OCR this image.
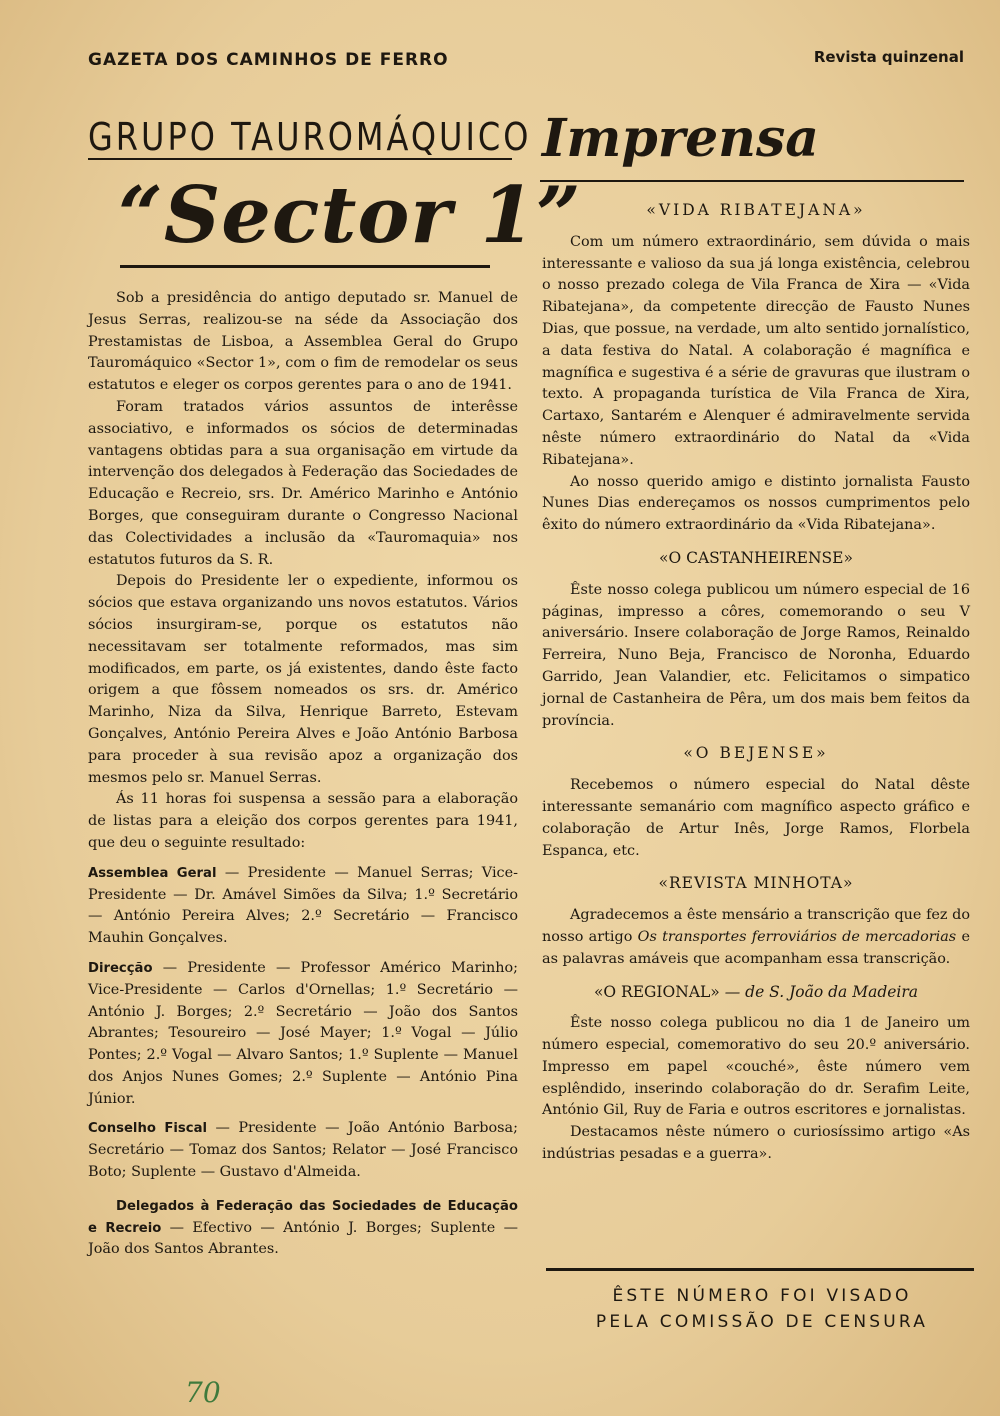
GAZETA DOS CAMINHOS DE FERRO	Revista quinzenal
GRUPO TAUROMÁQUICO
“Sector 1”
Imprensa

Sob a presidência do antigo deputado sr. Manuel de Jesus Serras, realizou-se na séde da Associação dos Prestamistas de Lisboa, a Assemblea Geral do Grupo Tauromáquico «Sector 1», com o fim de remodelar os seus estatutos e eleger os corpos gerentes para o ano de 1941.

Foram tratados vários assuntos de interêsse associativo, e informados os sócios de determinadas vantagens obtidas para a sua organisação em virtude da intervenção dos delegados à Federação das Sociedades de Educação e Recreio, srs. Dr. Américo Marinho e António Borges, que conseguiram durante o Congresso Nacional das Colectividades a inclusão da «Tauromaquia» nos estatutos futuros da S. R.

Depois do Presidente ler o expediente, informou os sócios que estava organizando uns novos estatutos. Vários sócios insurgiram-se, porque os estatutos não necessitavam ser totalmente reformados, mas sim modificados, em parte, os já existentes, dando êste facto origem a que fôssem nomeados os srs. dr. Américo Marinho, Niza da Silva, Henrique Barreto, Estevam Gonçalves, António Pereira Alves e João António Barbosa para proceder à sua revisão apoz a organização dos mesmos pelo sr. Manuel Serras.

Ás 11 horas foi suspensa a sessão para a elaboração de listas para a eleição dos corpos gerentes para 1941, que deu o seguinte resultado:

Assemblea Geral — Presidente — Manuel Serras; Vice-Presidente — Dr. Amável Simões da Silva; 1.º Secretário — António Pereira Alves; 2.º Secretário — Francisco Mauhin Gonçalves.

Direcção — Presidente — Professor Américo Marinho; Vice-Presidente — Carlos d'Ornellas; 1.º Secretário — António J. Borges; 2.º Secretário — João dos Santos Abrantes; Tesoureiro — José Mayer; 1.º Vogal — Júlio Pontes; 2.º Vogal — Alvaro Santos; 1.º Suplente — Manuel dos Anjos Nunes Gomes; 2.º Suplente — António Pina Júnior.

Conselho Fiscal — Presidente — João António Barbosa; Secretário — Tomaz dos Santos; Relator — José Francisco Boto; Suplente — Gustavo d'Almeida.

Delegados à Federação das Sociedades de Educação e Recreio — Efectivo — António J. Borges; Suplente — João dos Santos Abrantes.

«VIDA RIBATEJANA»

Com um número extraordinário, sem dúvida o mais interessante e valioso da sua já longa existência, celebrou o nosso prezado colega de Vila Franca de Xira — «Vida Ribatejana», da competente direcção de Fausto Nunes Dias, que possue, na verdade, um alto sentido jornalístico, a data festiva do Natal. A colaboração é magnífica e magnífica e sugestiva é a série de gravuras que ilustram o texto. A propaganda turística de Vila Franca de Xira, Cartaxo, Santarém e Alenquer é admiravelmente servida nêste número extraordinário do Natal da «Vida Ribatejana».

Ao nosso querido amigo e distinto jornalista Fausto Nunes Dias endereçamos os nossos cumprimentos pelo êxito do número extraordinário da «Vida Ribatejana».

«O CASTANHEIRENSE»

Êste nosso colega publicou um número especial de 16 páginas, impresso a côres, comemorando o seu V aniversário. Insere colaboração de Jorge Ramos, Reinaldo Ferreira, Nuno Beja, Francisco de Noronha, Eduardo Garrido, Jean Valandier, etc. Felicitamos o simpatico jornal de Castanheira de Pêra, um dos mais bem feitos da província.

«O BEJENSE»

Recebemos o número especial do Natal dêste interessante semanário com magnífico aspecto gráfico e colaboração de Artur Inês, Jorge Ramos, Florbela Espanca, etc.

«REVISTA MINHOTA»

Agradecemos a êste mensário a transcrição que fez do nosso artigo Os transportes ferroviários de mercadorias e as palavras amáveis que acompanham essa transcrição.

«O REGIONAL» — de S. João da Madeira

Êste nosso colega publicou no dia 1 de Janeiro um número especial, comemorativo do seu 20.º aniversário. Impresso em papel «couché», êste número vem esplêndido, inserindo colaboração do dr. Serafim Leite, António Gil, Ruy de Faria e outros escritores e jornalistas.

Destacamos nêste número o curiosíssimo artigo «As indústrias pesadas e a guerra».

ÊSTE NÚMERO FOI VISADO
PELA COMISSÃO DE CENSURA
70
